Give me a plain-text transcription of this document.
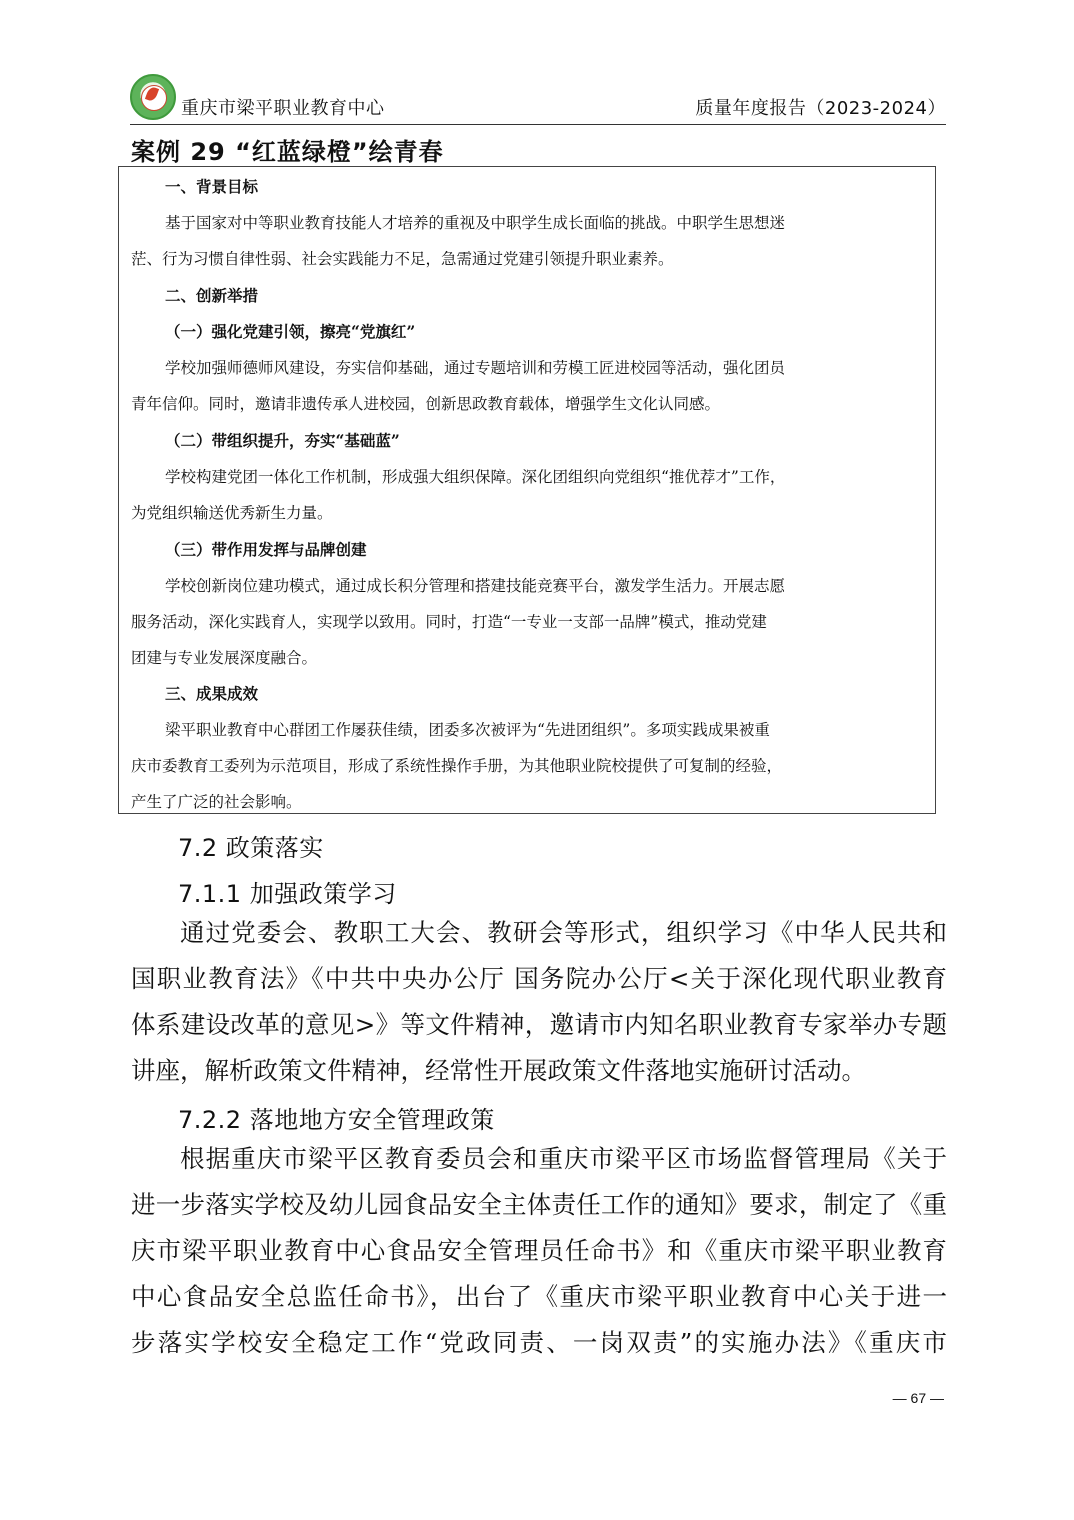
重庆市梁平职业教育中心	质量年度报告（2023-2024）
案例 29 “红蓝绿橙”绘青春
一、背景目标
基于国家对中等职业教育技能人才培养的重视及中职学生成长面临的挑战。中职学生思想迷
茫、行为习惯自律性弱、社会实践能力不足，急需通过党建引领提升职业素养。
二、创新举措
（一）强化党建引领，擦亮“党旗红”
学校加强师德师风建设，夯实信仰基础，通过专题培训和劳模工匠进校园等活动，强化团员
青年信仰。同时，邀请非遗传承人进校园，创新思政教育载体，增强学生文化认同感。
（二）带组织提升，夯实“基础蓝”
学校构建党团一体化工作机制，形成强大组织保障。深化团组织向党组织“推优荐才”工作，
为党组织输送优秀新生力量。
（三）带作用发挥与品牌创建
学校创新岗位建功模式，通过成长积分管理和搭建技能竞赛平台，激发学生活力。开展志愿
服务活动，深化实践育人，实现学以致用。同时，打造“一专业一支部一品牌”模式，推动党建
团建与专业发展深度融合。
三、成果成效
梁平职业教育中心群团工作屡获佳绩，团委多次被评为“先进团组织”。多项实践成果被重
庆市委教育工委列为示范项目，形成了系统性操作手册，为其他职业院校提供了可复制的经验，
产生了广泛的社会影响。
7.2 政策落实
7.1.1 加强政策学习
通过党委会、教职工大会、教研会等形式，组织学习《中华人民共和
国职业教育法》《中共中央办公厅 国务院办公厅<关于深化现代职业教育
体系建设改革的意见>》等文件精神，邀请市内知名职业教育专家举办专题
讲座，解析政策文件精神，经常性开展政策文件落地实施研讨活动。
7.2.2 落地地方安全管理政策
根据重庆市梁平区教育委员会和重庆市梁平区市场监督管理局《关于
进一步落实学校及幼儿园食品安全主体责任工作的通知》要求，制定了《重
庆市梁平职业教育中心食品安全管理员任命书》和《重庆市梁平职业教育
中心食品安全总监任命书》，出台了《重庆市梁平职业教育中心关于进一
步落实学校安全稳定工作“党政同责、一岗双责”的实施办法》《重庆市
— 67 —
